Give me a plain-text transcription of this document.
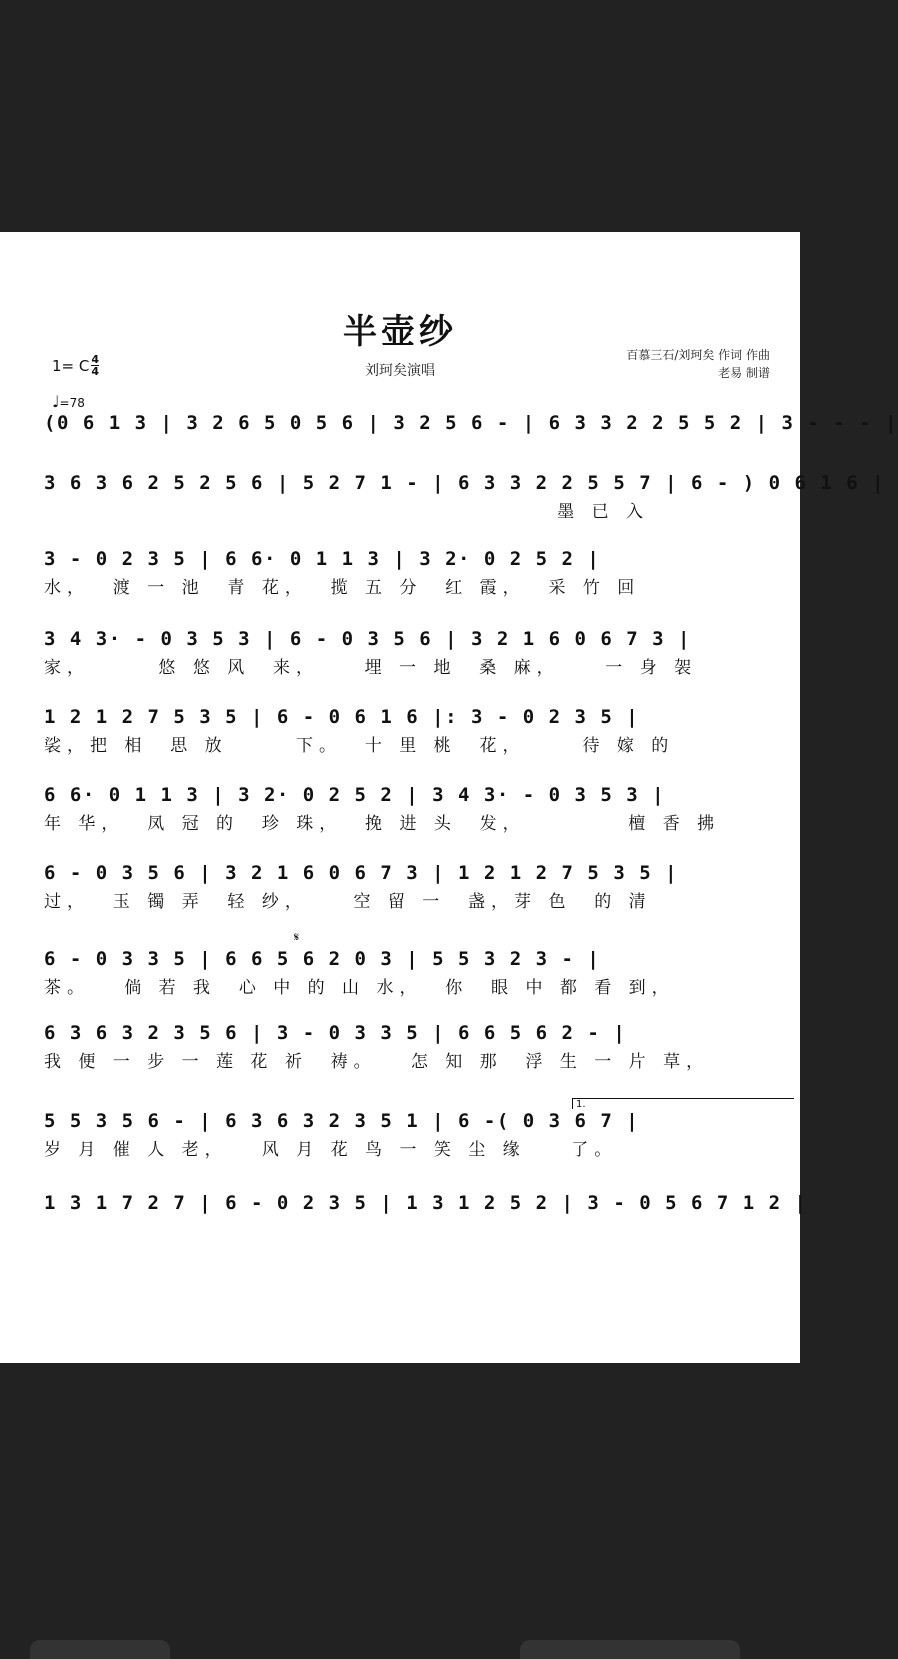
半壶纱
刘珂矣演唱
百慕三石/刘珂矣 作词 作曲
老易 制谱
1= C $\frac{4}{4}$
♩=78
(0 6 1 3 | 3 2 6 5 0 5 6 | 3 2 5 6 - | 6 3 3 2 2 5 5 2 | 3 - - - |
3 6 3 6 2 5 2 5 6 | 5 2 7 1 - | 6 3 3 2 2 5 5 7 | 6 - ) 0 6 1 6 |
墨 已 入
3 - 0 2 3 5 | 6 6· 0 1 1 3 | 3 2· 0 2 5 2 |
水，  渡 一 池  青 花，  揽 五 分  红 霞，  采 竹 回
3 4 3· - 0 3 5 3 | 6 - 0 3 5 6 | 3 2 1 6 0 6 7 3 |
家，      悠 悠 风  来，    埋 一 地  桑 麻，    一 身 袈
1 2 1 2 7 5 3 5 | 6 - 0 6 1 6 |: 3 - 0 2 3 5 |
裟，把 相  思 放      下。  十 里 桃  花，     待 嫁 的
6 6· 0 1 1 3 | 3 2· 0 2 5 2 | 3 4 3· - 0 3 5 3 |
年 华，  凤 冠 的  珍 珠，  挽 进 头  发，         檀 香 拂
6 - 0 3 5 6 | 3 2 1 6 0 6 7 3 | 1 2 1 2 7 5 3 5 |
过，  玉 镯 弄  轻 纱，    空 留 一  盏，芽 色  的 清
𝄋
6 - 0 3 3 5 | 6 6 5 6 2 0 3 | 5 5 3 2 3 - |
茶。   倘 若 我  心 中 的 山 水，  你  眼 中 都 看 到，
6 3 6 3 2 3 5 6 | 3 - 0 3 3 5 | 6 6 5 6 2 - |
我 便 一 步 一 莲 花 祈  祷。   怎 知 那  浮 生 一 片 草，
1.
5 5 3 5 6 - | 6 3 6 3 2 3 5 1 | 6 -( 0 3 6 7 |
岁 月 催 人 老，   风 月 花 鸟 一 笑 尘 缘    了。
1 3 1 7 2 7 | 6 - 0 2 3 5 | 1 3 1 2 5 2 | 3 - 0 5 6 7 1 2 |
